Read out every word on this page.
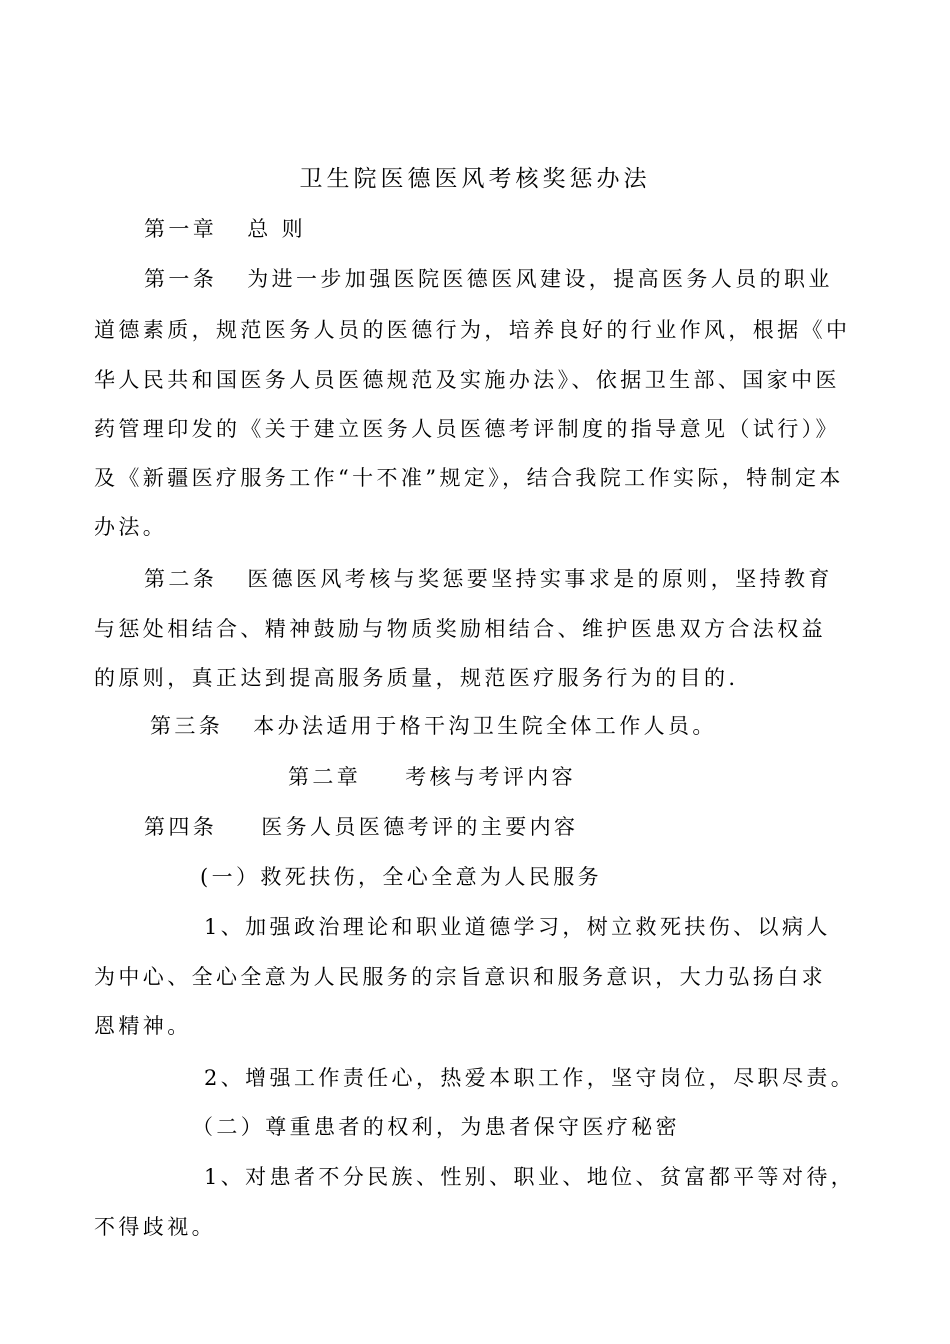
卫生院医德医风考核奖惩办法
第一章 总 则
第一条 为进一步加强医院医德医风建设，提高医务人员的职业
道德素质，规范医务人员的医德行为，培养良好的行业作风，根据《中
华人民共和国医务人员医德规范及实施办法》、依据卫生部、国家中医
药管理印发的《关于建立医务人员医德考评制度的指导意见（试行）》
及《新疆医疗服务工作“十不准”规定》，结合我院工作实际，特制定本
办法。
第二条 医德医风考核与奖惩要坚持实事求是的原则，坚持教育
与惩处相结合、精神鼓励与物质奖励相结合、维护医患双方合法权益
的原则，真正达到提高服务质量，规范医疗服务行为的目的.
第三条 本办法适用于格干沟卫生院全体工作人员。
第二章 考核与考评内容
第四条 医务人员医德考评的主要内容
(一）救死扶伤，全心全意为人民服务
1、加强政治理论和职业道德学习，树立救死扶伤、以病人
为中心、全心全意为人民服务的宗旨意识和服务意识，大力弘扬白求
恩精神。
2、增强工作责任心，热爱本职工作，坚守岗位，尽职尽责。
（二）尊重患者的权利，为患者保守医疗秘密
1、对患者不分民族、性别、职业、地位、贫富都平等对待，
不得歧视。
